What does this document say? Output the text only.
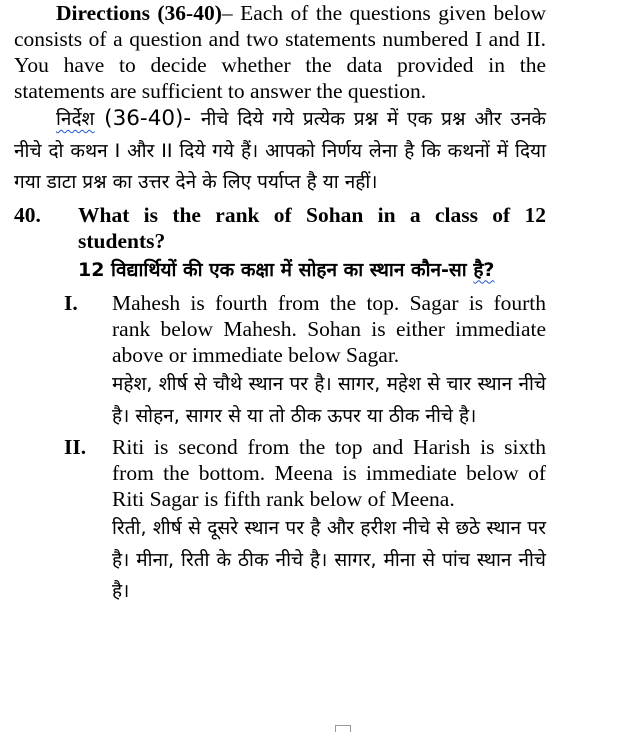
Directions (36-40)– Each of the questions given below consists of a question and two statements numbered I and II. You have to decide whether the data provided in the statements are sufficient to answer the question.

निर्देश (36-40)- नीचे दिये गये प्रत्येक प्रश्न में एक प्रश्न और उनके नीचे दो कथन I और II दिये गये हैं। आपको निर्णय लेना है कि कथनों में दिया गया डाटा प्रश्न का उत्तर देने के लिए पर्याप्त है या नहीं।

40. What is the rank of Sohan in a class of 12 students?

12 विद्यार्थियों की एक कक्षा में सोहन का स्थान कौन-सा है?

I. Mahesh is fourth from the top. Sagar is fourth rank below Mahesh. Sohan is either immediate above or immediate below Sagar.

महेश, शीर्ष से चौथे स्थान पर है। सागर, महेश से चार स्थान नीचे है। सोहन, सागर से या तो ठीक ऊपर या ठीक नीचे है।

II. Riti is second from the top and Harish is sixth from the bottom. Meena is immediate below of Riti Sagar is fifth rank below of Meena.

रिती, शीर्ष से दूसरे स्थान पर है और हरीश नीचे से छठे स्थान पर है। मीना, रिती के ठीक नीचे है। सागर, मीना से पांच स्थान नीचे है।
